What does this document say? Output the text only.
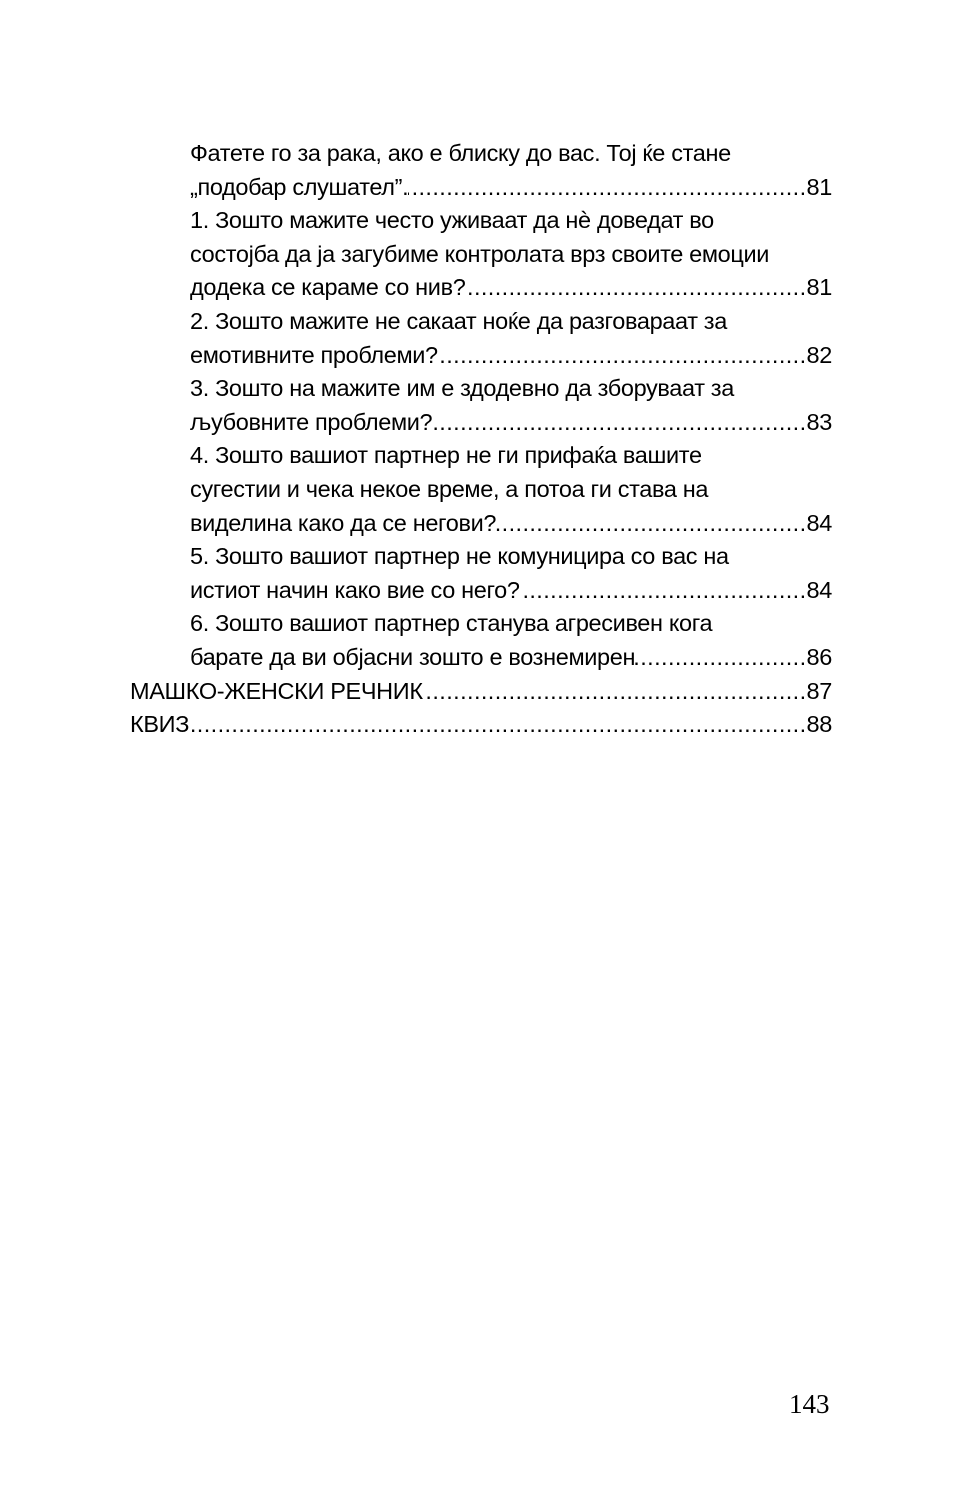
Фатете го за рака, ако е блиску до вас. Тој ќе стане
„подобар слушател”. .....	81
1. Зошто мажите често уживаат да нѐ доведат во
состојба да ја загубиме контролата врз своите емоции
додека се караме со нив? .....	81
2. Зошто мажите не сакаат ноќе да разговараат за
емотивните проблеми? .....	82
3. Зошто на мажите им е здодевно да зборуваат за
љубовните проблеми? .....	83
4. Зошто вашиот партнер не ги прифаќа вашите
сугестии и чека некое време, а потоа ги става на
виделина како да се негови? .....	84
5. Зошто вашиот партнер не комуницира со вас на
истиот начин како вие со него? .....	84
6. Зошто вашиот партнер станува агресивен кога
барате да ви објасни зошто е вознемирен .....	86
МАШКО-ЖЕНСКИ РЕЧНИК .....	87
КВИЗ .....	88
143
